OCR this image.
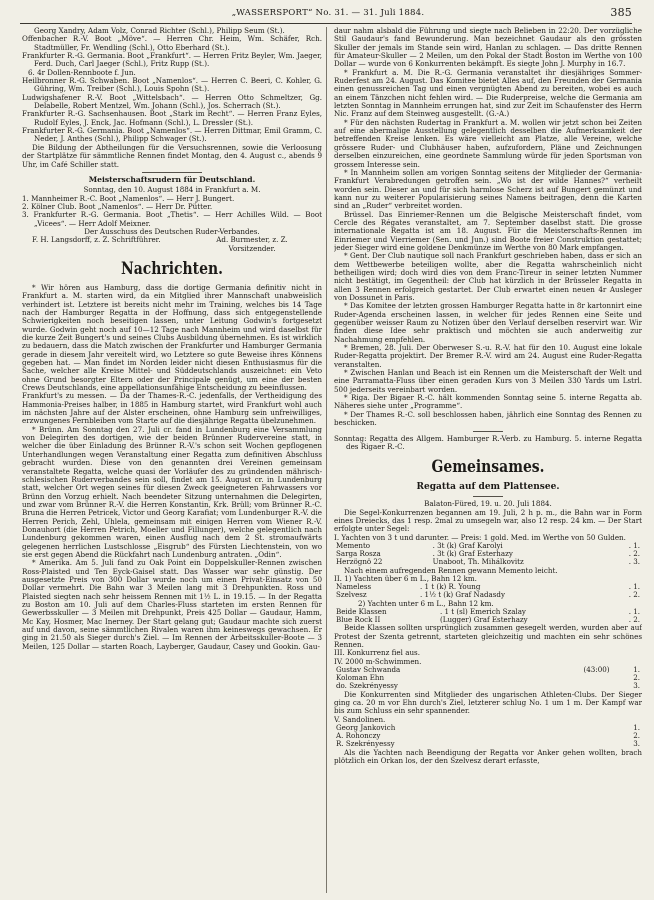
„WASSERSPORT“ No. 31. — 31. Juli 1884.	385

Georg Xandry, Adam Volz, Conrad Richter (Schl.), Philipp Seum (St.).

Offenbacher R.-V. Boot „Möve“. — Herren Chr. Heim, Wm. Schäfer, Rch. Stadtmüller, Fr. Wendling (Schl.), Otto Eberhard (St.).

Frankfurter R.-G. Germania. Boot „Frankfurt“. — Herren Fritz Beyler, Wm. Jaeger, Ferd. Duch, Carl Jaeger (Schl.), Fritz Rupp (St.).

6. 4r Dollen-Rennboote f. Jun.

Heilbronner R.-G. Schwaben. Boot „Namenlos“. — Herren C. Beeri, C. Kohler, G. Gühring, Wm. Treiber (Schl.), Louis Spohn (St.).

Ludwigshafener R.-V. Boot „Wittelsbach“. — Herren Otto Schmeltzer, Gg. Delabelle, Robert Mentzel, Wm. Johann (Schl.), Jos. Scherrach (St.).

Frankfurter R.-G. Sachsenhausen. Boot „Stark im Recht“. — Herren Franz Eyles, Rudolf Eyles, J. Enck, Jac. Hofmann (Schl.), L. Dressler (St.).

Frankfurter R.-G. Germania. Boot „Namenlos“. — Herren Dittmar, Emil Gramm, C. Neder, J. Anthes (Schl.), Philipp Schwager (St.).

Die Bildung der Abtheilungen für die Versuchsrennen, sowie die Verloosung der Startplätze für sämmtliche Rennen findet Montag, den 4. August c., abends 9 Uhr, im Café Schiller statt.

Meisterschaftsrudern für Deutschland.

Sonntag, den 10. August 1884 in Frankfurt a. M.

1. Mannheimer R.-C. Boot „Namenlos“. — Herr J. Bungert.

2. Kölner Club. Boot „Namenlos“. — Herr Dr. Pütter.

3. Frankfurter R.-G. Germania. Boot „Thetis“. — Herr Achilles Wild. — Boot „Vicees“. — Herr Adolf Meixner.

Der Ausschuss des Deutschen Ruder-Verbandes.

F. H. Langsdorff, z. Z. Schriftführer.	Ad. Burmester, z. Z. Vorsitzender.
Nachrichten.

* Wir hören aus Hamburg, dass die dortige Germania definitiv nicht in Frankfurt a. M. starten wird, da ein Mitglied ihrer Mannschaft unabweislich verhindert ist. Letztere ist bereits nicht mehr im Training, welches bis 14 Tage nach der Hamburger Regatta in der Hoffnung, dass sich entgegenstellende Schwierigkeiten noch beseitigen lassen, unter Leitung Godwin's fortgesetzt wurde. Godwin geht noch auf 10—12 Tage nach Mannheim und wird daselbst für die kurze Zeit Bungert's und seines Clubs Ausbildung übernehmen. Es ist wirklich zu bedauern, dass die Match zwischen der Frankfurter und Hamburger Germania gerade in diesem Jahr vereitelt wird, wo Letztere so gute Beweise ihres Könnens gegeben hat. — Man findet im Norden leider nicht diesen Enthusiasmus für die Sache, welcher alle Kreise Mittel- und Süddeutschlands auszeichnet: ein Veto ohne Grund besorgter Eltern oder der Principale genügt, um eine der besten Crews Deutschlands, eine appellationsunfähige Entscheidung zu beeinflussen.

Frankfurt's zu messen. — Da der Thames-R.-C. jedenfalls, der Vertheidigung des Hammonia-Preises halber, in 1885 in Hamburg startet, wird Frankfurt wohl auch im nächsten Jahre auf der Alster erscheinen, ohne Hamburg sein unfreiwilliges, erzwungenes Fernbleiben vom Starte auf die diesjährige Regatta übelzunehmen.

* Brünn. Am Sonntag den 27. Juli cr. fand in Lundenburg eine Versammlung von Delegirten des dortigen, wie der beiden Brünner Rudervereine statt, in welcher die über Einladung des Brünner R.-V.'s schon seit Wochen gepflogenen Unterhandlungen wegen Veranstaltung einer Regatta zum definitiven Abschluss gebracht wurden. Diese von den genannten drei Vereinen gemeinsam veranstaltete Regatta, welche quasi der Vorläufer des zu gründenden mährisch-schlesischen Ruderverbandes sein soll, findet am 15. August cr. in Lundenburg statt, welcher Ort wegen seines für diesen Zweck geeigneteren Fahrwassers vor Brünn den Vorzug erhielt. Nach beendeter Sitzung unternahmen die Delegirten, und zwar vom Brünner R.-V. die Herren Konstantin, Krk. Brüll; vom Brünner R.-C. Bruna die Herren Petricek, Victor und Georg Karafiat; vom Lundenburger R.-V. die Herren Perich, Zehl, Uhlela, gemeinsam mit einigen Herren vom Wiener R.-V. Donauhort (die Herren Petrich, Moeller und Fillunger), welche gelegentlich nach Lundenburg gekommen waren, einen Ausflug nach dem 2 St. stromaufwärts gelegenen herrlichen Lustschlosse „Eisgrub“ des Fürsten Liechtenstein, von wo sie erst gegen Abend die Rückfahrt nach Lundenburg antraten. „Odin“.

* Amerika. Am 5. Juli fand zu Oak Point ein Doppelskuller-Rennen zwischen Ross-Plaisted und Ten Eyck-Gaisel statt. Das Wasser war sehr günstig. Der ausgesetzte Preis von 300 Dollar wurde noch um einen Privat-Einsatz von 50 Dollar vermehrt. Die Bahn war 3 Meilen lang mit 3 Drehpunkten. Ross und Plaisted siegten nach sehr heissem Rennen mit 1½ L. in 19.15. — In der Regatta zu Boston am 10. Juli auf dem Charles-Fluss starteten im ersten Rennen für Gewerbsskuller — 3 Meilen mit Drehpunkt, Preis 425 Dollar — Gaudaur, Hamm, Mc Kay, Hosmer, Mac Inerney. Der Start gelang gut; Gaudaur machte sich zuerst auf und davon, seine sämmtlichen Rivalen waren ihm keineswegs gewachsen. Er ging in 21.50 als Sieger durch's Ziel. — Im Rennen der Arbeitsskuller-Boote — 3 Meilen, 125 Dollar — starten Roach, Layberger, Gaudaur, Casey und Gookin. Gau-

daur nahm alsbald die Führung und siegte nach Belieben in 22:20. Der vorzügliche Stil Gaudaur's fand Bewunderung. Man bezeichnet Gaudaur als den grössten Skuller der jemals im Stande sein wird, Hanlan zu schlagen. — Das dritte Rennen für Amateur-Skuller — 2 Meilen, um den Pokal der Stadt Boston im Werthe von 100 Dollar — wurde von 6 Konkurrenten bekämpft. Es siegte John J. Murphy in 16.7.

* Frankfurt a. M. Die R.-G. Germania veranstaltet ihr diesjähriges Sommer-Ruderfest am 24. August. Das Komitee bietet Alles auf, den Freunden der Germania einen genussreichen Tag und einen vergnügten Abend zu bereiten, wobei es auch an einem Tänzchen nicht fehlen wird. — Die Ruderpreise, welche die Germania am letzten Sonntag in Mannheim errungen hat, sind zur Zeit im Schaufenster des Herrn Nic. Franz auf dem Steinweg ausgestellt. (G.-A.)

* Für den nächsten Rudertag in Frankfurt a. M. wollen wir jetzt schon bei Zeiten auf eine abermalige Ausstellung gelegentlich desselben die Aufmerksamkeit der betreffenden Kreise lenken. Es wäre vielleicht am Platze, alle Vereine, welche grössere Ruder- und Clubhäuser haben, aufzufordern, Pläne und Zeichnungen derselben einzureichen, eine geordnete Sammlung würde für jeden Sportsman von grossem Interesse sein.

* In Mannheim sollen am vorigen Sonntag seitens der Mitglieder der Germania-Frankfurt Verabredungen getroffen sein. „Wo ist der wilde Hannes?“ verheilt worden sein. Dieser an und für sich harmlose Scherz ist auf Bungert gemünzt und kann nur zu weiterer Popularisierung seines Namens beitragen, denn die Karten sind an „Ruder“ verbreitet worden.

Brüssel. Das Einriemer-Rennen um die Belgische Meisterschaft findet, vom Cercle des Régates veranstaltet, am 7. September daselbst statt. Die grosse internationale Regatta ist am 18. August. Für die Meisterschafts-Rennen im Einriemer und Vierriemer (Sen. und Jun.) sind Boote freier Construktion gestattet; jeder Sieger wird eine goldene Denkmünze im Werthe von 80 Mark empfangen.

* Gent. Der Club nautique soll nach Frankfurt geschrieben haben, dass er sich an dem Wettbewerbe beteiligen wollte, aber die Regatta wahrscheinlich nicht betheiligen wird; doch wird dies von dem Franc-Tireur in seiner letzten Nummer nicht bestätigt, im Gegentheil: der Club hat kürzlich in der Brüsseler Regatta in allen 3 Rennen erfolgreich gestartet. Der Club erwartet einen neuen 4r Ausleger von Dossunet in Paris.

* Das Komitee der letzten grossen Hamburger Regatta hatte in 8r kartonnirt eine Ruder-Agenda erscheinen lassen, in welcher für jedes Rennen eine Seite und gegenüber weisser Raum zu Notizen über den Verlauf derselben reservirt war. Wir finden diese Idee sehr praktisch und möchten sie auch anderweitig zur Nachahmung empfehlen.

* Bremen, 28. Juli. Der Oberweser S.-u. R.-V. hat für den 10. August eine lokale Ruder-Regatta projektirt. Der Bremer R.-V. wird am 24. August eine Ruder-Regatta veranstalten.

* Zwischen Hanlan und Beach ist ein Rennen um die Meisterschaft der Welt und eine Parramatta-Fluss über einen geraden Kurs von 3 Meilen 330 Yards um Lstrl. 500 jederseits vereinbart worden.

* Riga. Der Bigaer R.-C. hält kommenden Sonntag seine 5. interne Regatta ab. Näheres siehe unter „Programme“.

* Der Thames R.-C. soll beschlossen haben, jährlich eine Sonntag des Rennen zu beschicken.

Sonntag: Regatta des Allgem. Hamburger R.-Verb. zu Hamburg. 5. interne Regatta des Rigaer R.-C.

Gemeinsames.
Regatta auf dem Plattensee.

Balaton-Füred, 19. u. 20. Juli 1884.

Die Segel-Konkurrenzen begannen am 19. Juli, 2 h p. m., die Bahn war in Form eines Dreiecks, das 1 resp. 2mal zu umsegeln war, also 12 resp. 24 km. — Der Start erfolgte unter Segel:

I. Yachten von 3 t und darunter. — Preis: 1 gold. Med. im Werthe von 50 Gulden.

Memento	. 3t (k) Graf Karolyi	. 1.
Sarga Rosza	. 3t (k) Graf Esterhazy	. 2.
Herzögnö 22	Unaboot, Th. Mihálkovitz	. 3.

Nach einem aufregenden Rennen gewann Memento leicht.

II. 1) Yachten über 6 m L., Bahn 12 km.

Nameless	. 1 t (k) R. Young	. 1.
Szelvesz	. 1½ t (k) Graf Nadasdy	. 2.

2) Yachten unter 6 m L., Bahn 12 km.

Beide Klassen	. 1 t (sl) Emerich Szalay	. 1.
Blue Rock II	(Lugger) Graf Esterhazy	. 2.

Beide Klassen sollten ursprünglich zusammen gesegelt werden, wurden aber auf Protest der Szenta getrennt, starteten gleichzeitig und machten ein sehr schönes Rennen.

III. Konkurrenz fiel aus.

IV. 2000 m-Schwimmen.

Gustav Schwanda	(43:00)	1.
Koloman Ehn		2.
do. Szekrényessy		3.

Die Konkurrenten sind Mitglieder des ungarischen Athleten-Clubs. Der Sieger ging ca. 20 m vor Ehn durch's Ziel, letzterer schlug No. 1 um 1 m. Der Kampf war bis zum Schluss ein sehr spannender.

V. Sandolinen.

Georg Jankovich	1.
A. Rohonczy	2.
R. Szekrényessy	3.

Als die Yachten nach Beendigung der Regatta vor Anker gehen wollten, brach plötzlich ein Orkan los, der den Szelvesz derart erfasste,
